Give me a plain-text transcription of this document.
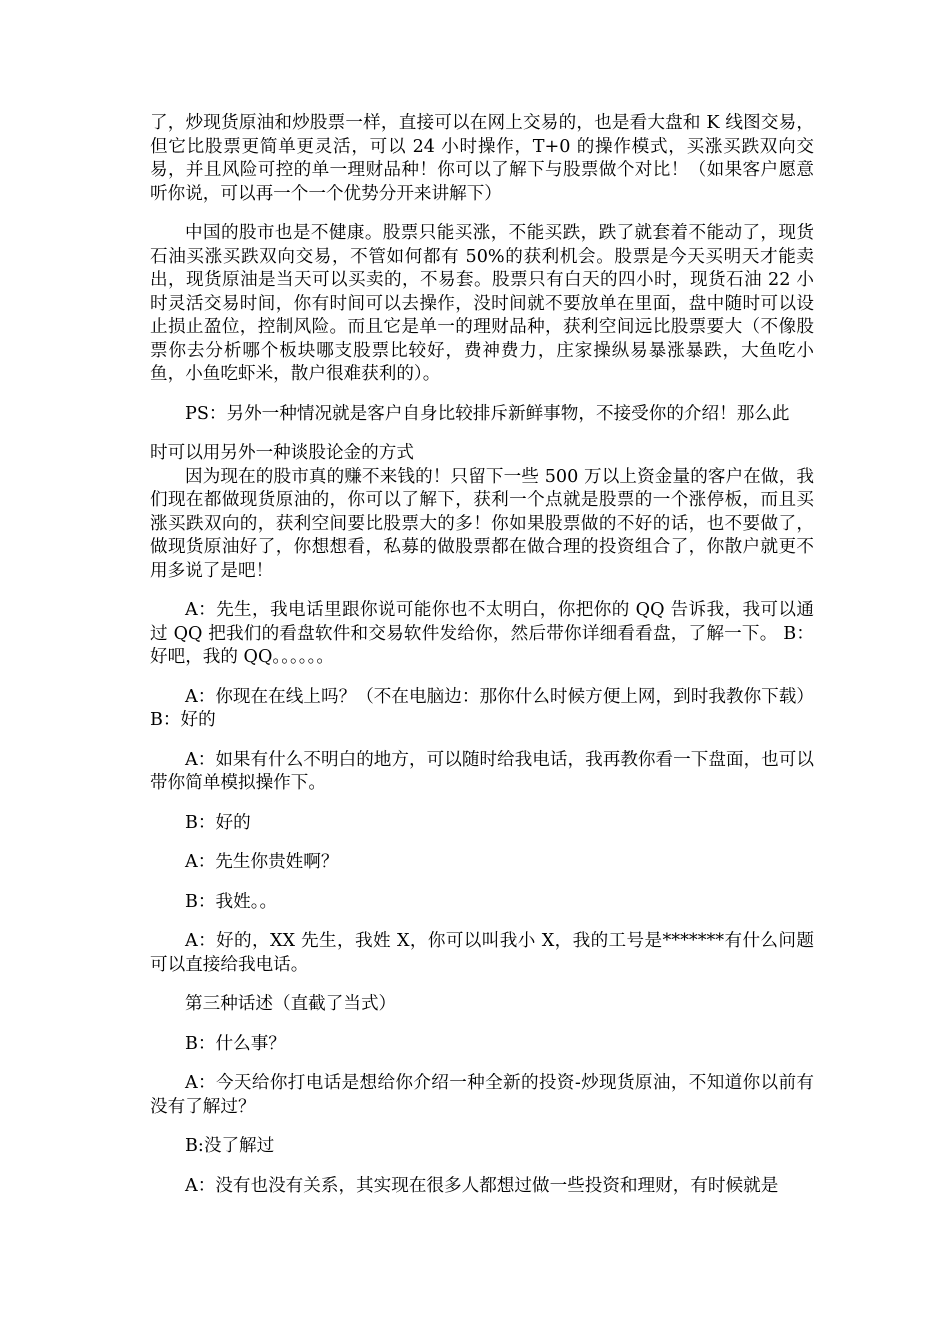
了，炒现货原油和炒股票一样，直接可以在网上交易的，也是看大盘和 K 线图交易，但它比股票更简单更灵活，可以 24 小时操作，T+0 的操作模式，买涨买跌双向交易，并且风险可控的单一理财品种！你可以了解下与股票做个对比！（如果客户愿意听你说，可以再一个一个优势分开来讲解下）

中国的股市也是不健康。股票只能买涨，不能买跌，跌了就套着不能动了，现货石油买涨买跌双向交易，不管如何都有 50%的获利机会。股票是今天买明天才能卖出，现货原油是当天可以买卖的，不易套。股票只有白天的四小时，现货石油 22 小时灵活交易时间，你有时间可以去操作，没时间就不要放单在里面，盘中随时可以设止损止盈位，控制风险。而且它是单一的理财品种，获利空间远比股票要大（不像股票你去分析哪个板块哪支股票比较好，费神费力，庄家操纵易暴涨暴跌，大鱼吃小鱼，小鱼吃虾米，散户很难获利的）。

PS：另外一种情况就是客户自身比较排斥新鲜事物，不接受你的介绍！那么此

时可以用另外一种谈股论金的方式

因为现在的股市真的赚不来钱的！只留下一些 500 万以上资金量的客户在做，我们现在都做现货原油的，你可以了解下，获利一个点就是股票的一个涨停板，而且买涨买跌双向的，获利空间要比股票大的多！你如果股票做的不好的话，也不要做了，做现货原油好了，你想想看，私募的做股票都在做合理的投资组合了，你散户就更不用多说了是吧！

A：先生，我电话里跟你说可能你也不太明白，你把你的 QQ 告诉我，我可以通过 QQ 把我们的看盘软件和交易软件发给你，然后带你详细看看盘，了解一下。 B：好吧，我的 QQ。。。。。。

A：你现在在线上吗？（不在电脑边：那你什么时候方便上网，到时我教你下载） B：好的

A：如果有什么不明白的地方，可以随时给我电话，我再教你看一下盘面，也可以带你简单模拟操作下。

B：好的

A：先生你贵姓啊？

B：我姓。。

A：好的，XX 先生，我姓 X，你可以叫我小 X，我的工号是*******有什么问题可以直接给我电话。

第三种话述（直截了当式）

B：什么事？

A：今天给你打电话是想给你介绍一种全新的投资-炒现货原油，不知道你以前有没有了解过？

B:没了解过

A：没有也没有关系，其实现在很多人都想过做一些投资和理财，有时候就是
